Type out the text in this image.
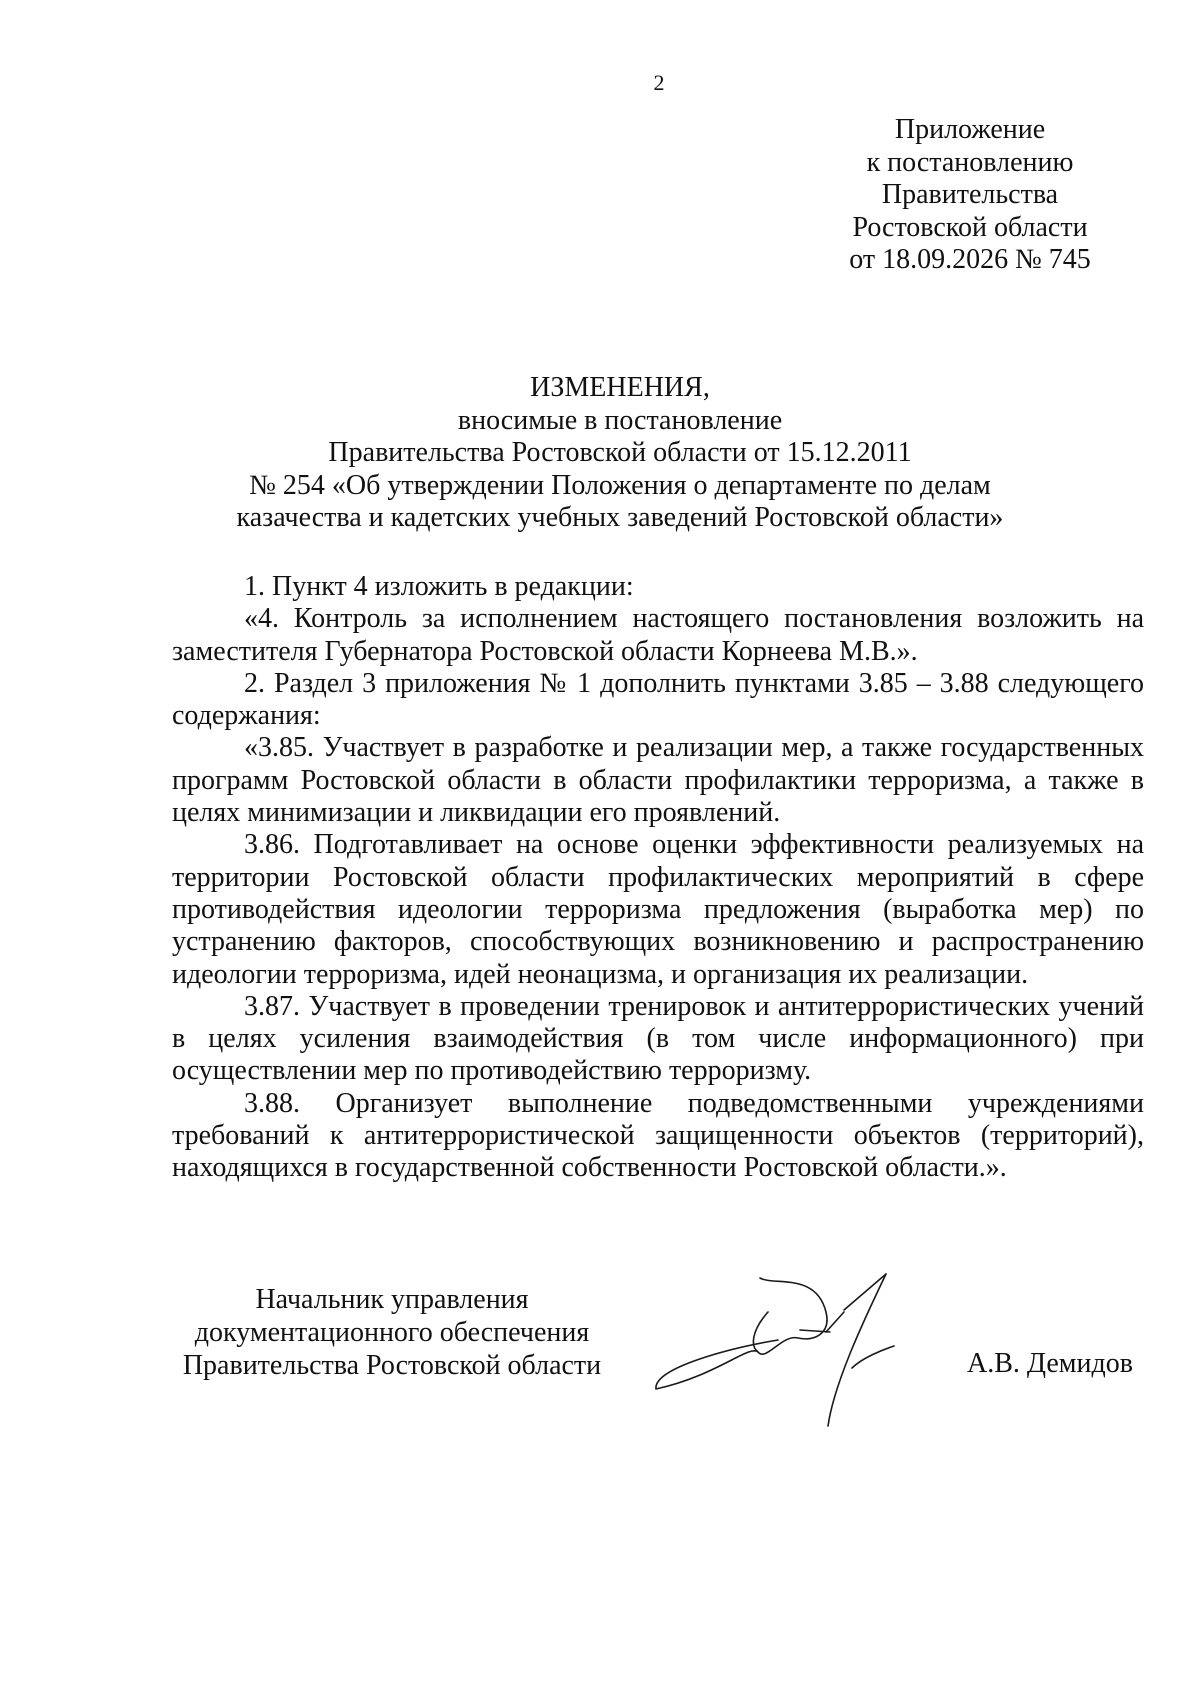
2
Приложение
к постановлению
Правительства
Ростовской области
от 18.09.2026 № 745
ИЗМЕНЕНИЯ,
вносимые в постановление
Правительства Ростовской области от 15.12.2011
№ 254 «Об утверждении Положения о департаменте по делам
казачества и кадетских учебных заведений Ростовской области»

1. Пункт 4 изложить в редакции:

«4. Контроль за исполнением настоящего постановления возложить на заместителя Губернатора Ростовской области Корнеева М.В.».

2. Раздел 3 приложения № 1 дополнить пунктами 3.85 – 3.88 следующего содержания:

«3.85. Участвует в разработке и реализации мер, а также государственных программ Ростовской области в области профилактики терроризма, а также в целях минимизации и ликвидации его проявлений.

3.86. Подготавливает на основе оценки эффективности реализуемых на территории Ростовской области профилактических мероприятий в сфере противодействия идеологии терроризма предложения (выработка мер) по устранению факторов, способствующих возникновению и распространению идеологии терроризма, идей неонацизма, и организация их реализации.

3.87. Участвует в проведении тренировок и антитеррористических учений в целях усиления взаимодействия (в том числе информационного) при осуществлении мер по противодействию терроризму.

3.88. Организует выполнение подведомственными учреждениями требований к антитеррористической защищенности объектов (территорий), находящихся в государственной собственности Ростовской области.».

Начальник управления
документационного обеспечения
Правительства Ростовской области	А.В. Демидов
